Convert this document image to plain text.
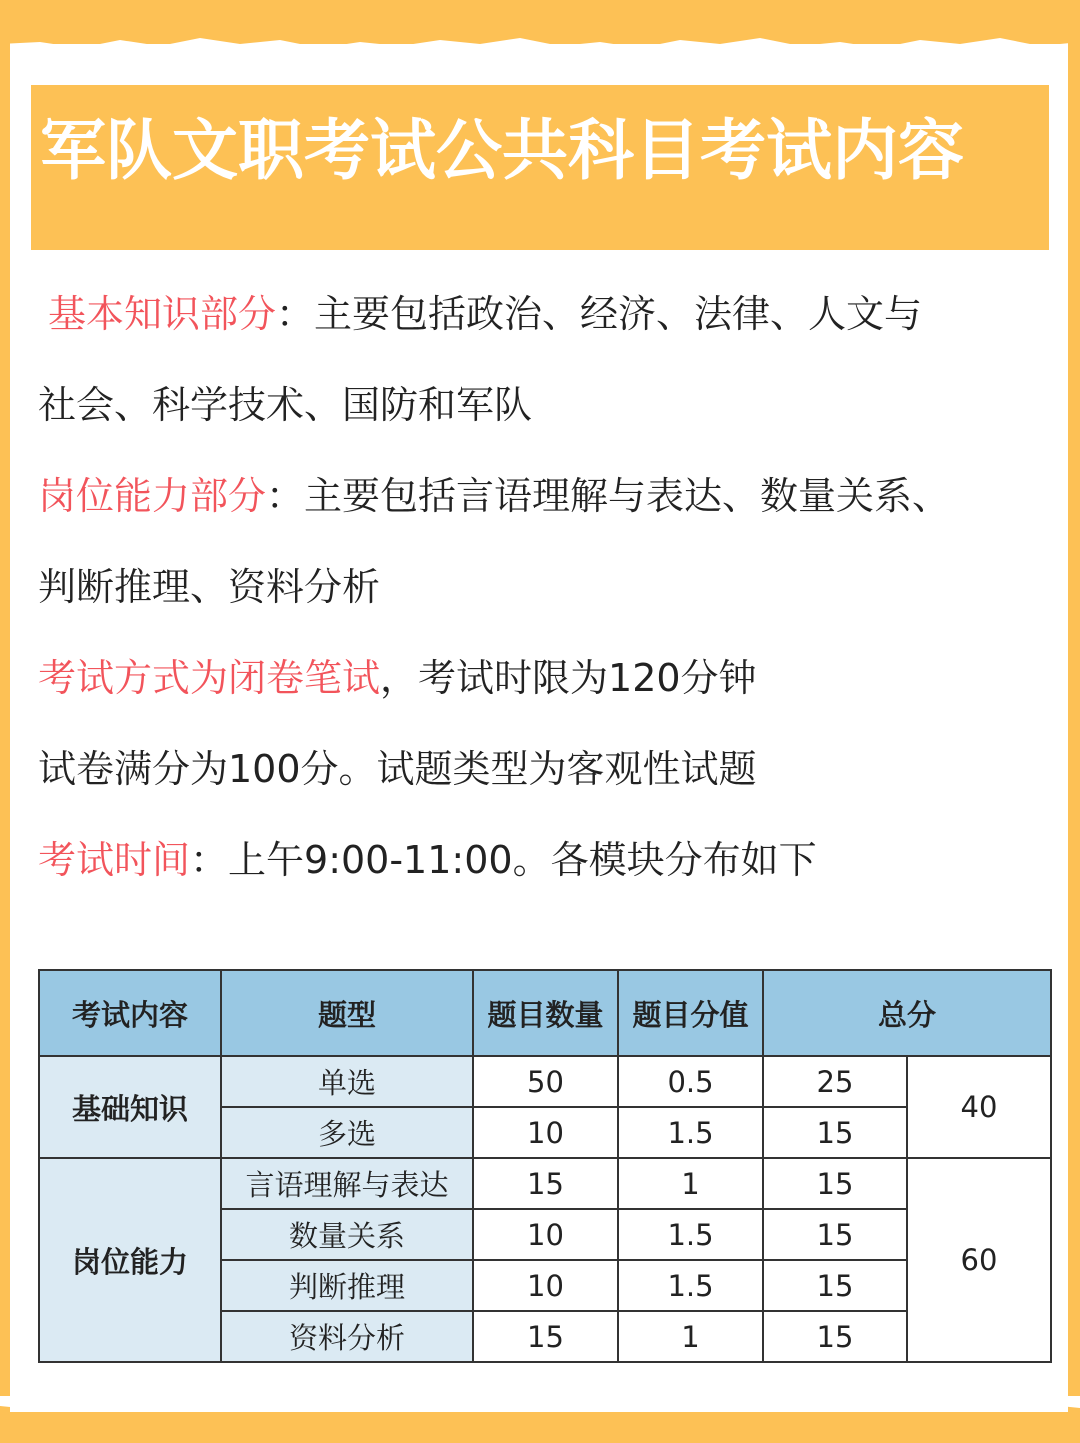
军队文职考试公共科目考试内容
基本知识部分：主要包括政治、经济、法律、人文与
社会、科学技术、国防和军队
岗位能力部分：主要包括言语理解与表达、数量关系、
判断推理、资料分析
考试方式为闭卷笔试，考试时限为120分钟
试卷满分为100分。试题类型为客观性试题
考试时间：上午9:00-11:00。各模块分布如下
考试内容	题型	题目数量	题目分值	总分	
基础知识	单选	50	0.5	25	40
	多选	10	1.5	15	
岗位能力	言语理解与表达	15	1	15	60
	数量关系	10	1.5	15	
	判断推理	10	1.5	15	
	资料分析	15	1	15	
